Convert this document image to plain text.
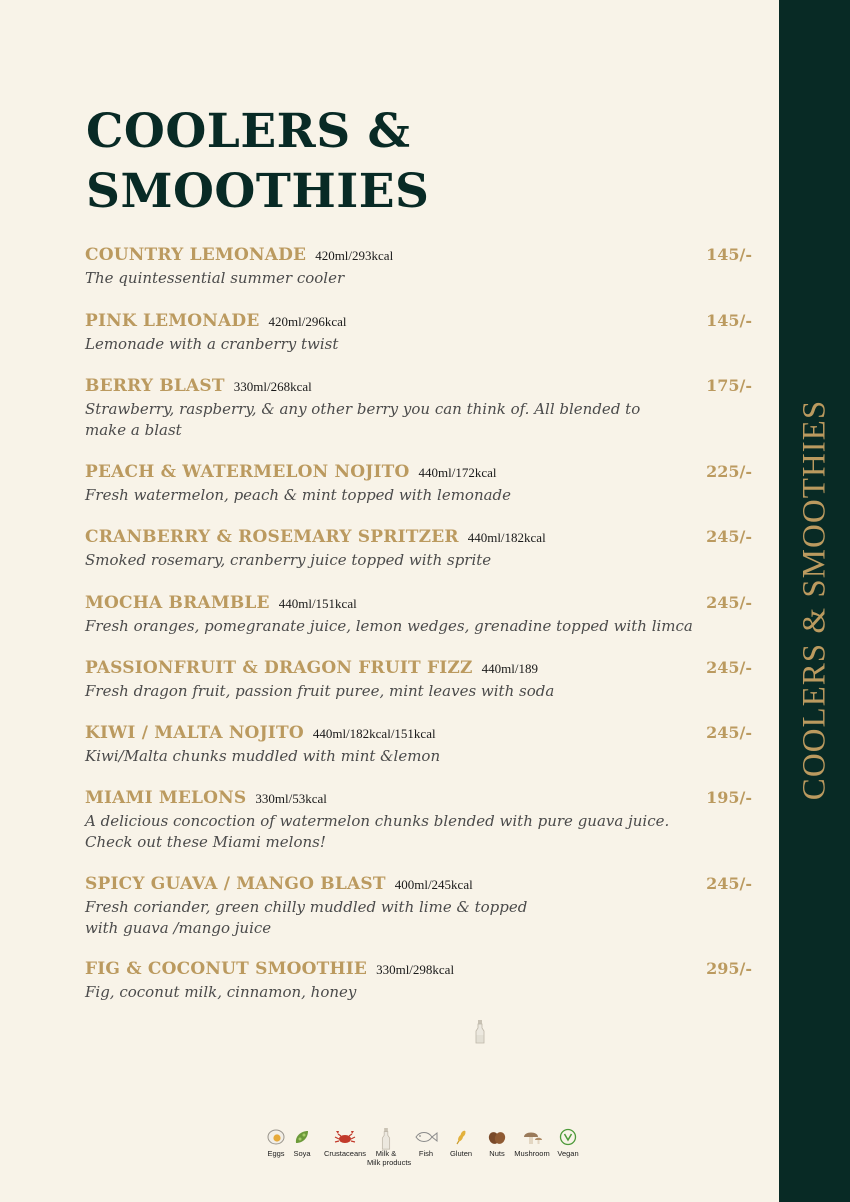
COOLERS &
SMOOTHIES
COUNTRY LEMONADE 420ml/293kcal	145/-
The quintessential summer cooler
PINK LEMONADE 420ml/296kcal	145/-
Lemonade with a cranberry twist
BERRY BLAST 330ml/268kcal	175/-
Strawberry, raspberry, & any other berry you can think of. All blended to make a blast
PEACH & WATERMELON NOJITO 440ml/172kcal	225/-
Fresh watermelon, peach & mint topped with lemonade
CRANBERRY & ROSEMARY SPRITZER 440ml/182kcal	245/-
Smoked rosemary, cranberry juice topped with sprite
MOCHA BRAMBLE 440ml/151kcal	245/-
Fresh oranges, pomegranate juice, lemon wedges, grenadine topped with limca
PASSIONFRUIT & DRAGON FRUIT FIZZ 440ml/189	245/-
Fresh dragon fruit, passion fruit puree, mint leaves with soda
KIWI / MALTA NOJITO 440ml/182kcal/151kcal	245/-
Kiwi/Malta chunks muddled with mint &lemon
MIAMI MELONS 330ml/53kcal	195/-
A delicious concoction of watermelon chunks blended with pure guava juice. Check out these Miami melons!
SPICY GUAVA / MANGO BLAST 400ml/245kcal	245/-
Fresh coriander, green chilly muddled with lime & topped with guava /mango juice
FIG & COCONUT SMOOTHIE 330ml/298kcal	295/-
Fig, coconut milk, cinnamon, honey
Eggs	Soya	Crustaceans	Milk &
Milk products
Fish	Gluten	Nuts	Mushroom	Vegan
COOLERS & SMOOTHIES
